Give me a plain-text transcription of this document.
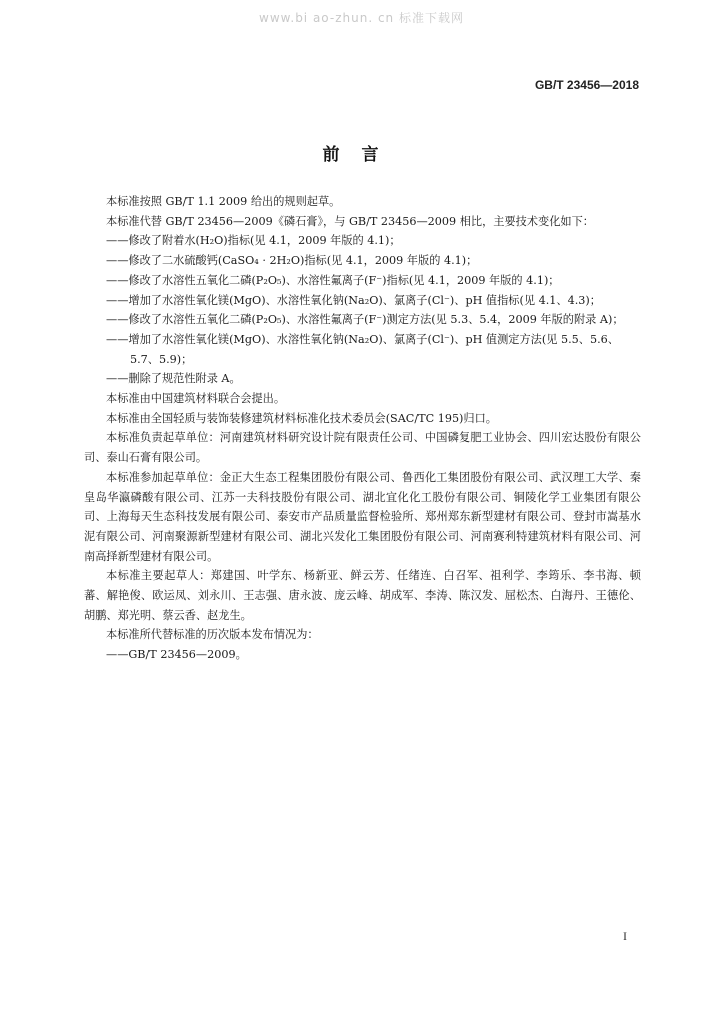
www.bi ao-zhun. cn 标准下载网
GB/T 23456—2018
前言

本标准按照 GB/T 1.1 2009 给出的规则起草。

本标准代替 GB/T 23456—2009《磷石膏》，与 GB/T 23456—2009 相比，主要技术变化如下：

——修改了附着水(H₂O)指标(见 4.1，2009 年版的 4.1)；

——修改了二水硫酸钙(CaSO₄ · 2H₂O)指标(见 4.1，2009 年版的 4.1)；

——修改了水溶性五氧化二磷(P₂O₅)、水溶性氟离子(F⁻)指标(见 4.1，2009 年版的 4.1)；

——增加了水溶性氧化镁(MgO)、水溶性氧化钠(Na₂O)、氯离子(Cl⁻)、pH 值指标(见 4.1、4.3)；

——修改了水溶性五氧化二磷(P₂O₅)、水溶性氟离子(F⁻)测定方法(见 5.3、5.4，2009 年版的附录 A)；

——增加了水溶性氧化镁(MgO)、水溶性氧化钠(Na₂O)、氯离子(Cl⁻)、pH 值测定方法(见 5.5、5.6、5.7、5.9)；

——删除了规范性附录 A。

本标准由中国建筑材料联合会提出。

本标准由全国轻质与装饰装修建筑材料标准化技术委员会(SAC/TC 195)归口。

本标准负责起草单位：河南建筑材料研究设计院有限责任公司、中国磷复肥工业协会、四川宏达股份有限公司、泰山石膏有限公司。

本标准参加起草单位：金正大生态工程集团股份有限公司、鲁西化工集团股份有限公司、武汉理工大学、秦皇岛华瀛磷酸有限公司、江苏一夫科技股份有限公司、湖北宜化化工股份有限公司、铜陵化学工业集团有限公司、上海每天生态科技发展有限公司、泰安市产品质量监督检验所、郑州郑东新型建材有限公司、登封市嵩基水泥有限公司、河南聚源新型建材有限公司、湖北兴发化工集团股份有限公司、河南赛利特建筑材料有限公司、河南高择新型建材有限公司。

本标准主要起草人：郑建国、叶学东、杨新亚、鲜云芳、任绪连、白召军、祖利学、李筠乐、李书海、顿蕃、解艳俊、欧运凤、刘永川、王志强、唐永波、庞云峰、胡成军、李涛、陈汉发、屈松杰、白海丹、王德伦、胡鹏、郑光明、蔡云香、赵龙生。

本标准所代替标准的历次版本发布情况为：

——GB/T 23456—2009。

I
